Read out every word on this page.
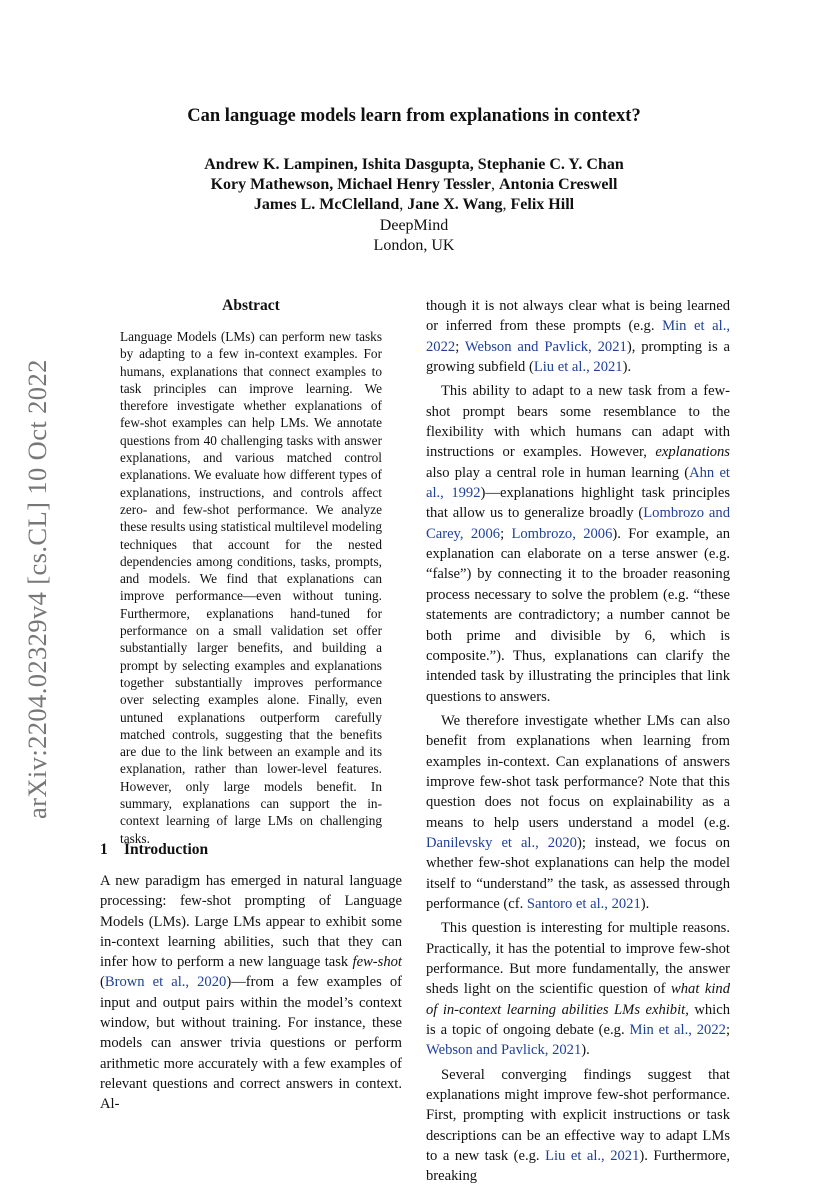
arXiv:2204.02329v4 [cs.CL] 10 Oct 2022
Can language models learn from explanations in context?
Andrew K. Lampinen, Ishita Dasgupta, Stephanie C. Y. Chan
Kory Mathewson, Michael Henry Tessler, Antonia Creswell
James L. McClelland, Jane X. Wang, Felix Hill
DeepMind
London, UK
Abstract
Language Models (LMs) can perform new tasks by adapting to a few in-context examples. For humans, explanations that connect examples to task principles can improve learning. We therefore investigate whether explanations of few-shot examples can help LMs. We annotate questions from 40 challenging tasks with answer explanations, and various matched control explanations. We evaluate how different types of explanations, instructions, and controls affect zero- and few-shot performance. We analyze these results using statistical multilevel modeling techniques that account for the nested dependencies among conditions, tasks, prompts, and models. We find that explanations can improve performance—even without tuning. Furthermore, explanations hand-tuned for performance on a small validation set offer substantially larger benefits, and building a prompt by selecting examples and explanations together substantially improves performance over selecting examples alone. Finally, even untuned explanations outperform carefully matched controls, suggesting that the benefits are due to the link between an example and its explanation, rather than lower-level features. However, only large models benefit. In summary, explanations can support the in-context learning of large LMs on challenging tasks.
1 Introduction

A new paradigm has emerged in natural language processing: few-shot prompting of Language Models (LMs). Large LMs appear to exhibit some in-context learning abilities, such that they can infer how to perform a new language task few-shot (Brown et al., 2020)—from a few examples of input and output pairs within the model’s context window, but without training. For instance, these models can answer trivia questions or perform arithmetic more accurately with a few examples of relevant questions and correct answers in context. Al-

though it is not always clear what is being learned or inferred from these prompts (e.g. Min et al., 2022; Webson and Pavlick, 2021), prompting is a growing subfield (Liu et al., 2021).

This ability to adapt to a new task from a few-shot prompt bears some resemblance to the flexibility with which humans can adapt with instructions or examples. However, explanations also play a central role in human learning (Ahn et al., 1992)—explanations highlight task principles that allow us to generalize broadly (Lombrozo and Carey, 2006; Lombrozo, 2006). For example, an explanation can elaborate on a terse answer (e.g. “false”) by connecting it to the broader reasoning process necessary to solve the problem (e.g. “these statements are contradictory; a number cannot be both prime and divisible by 6, which is composite.”). Thus, explanations can clarify the intended task by illustrating the principles that link questions to answers.

We therefore investigate whether LMs can also benefit from explanations when learning from examples in-context. Can explanations of answers improve few-shot task performance? Note that this question does not focus on explainability as a means to help users understand a model (e.g. Danilevsky et al., 2020); instead, we focus on whether few-shot explanations can help the model itself to “understand” the task, as assessed through performance (cf. Santoro et al., 2021).

This question is interesting for multiple reasons. Practically, it has the potential to improve few-shot performance. But more fundamentally, the answer sheds light on the scientific question of what kind of in-context learning abilities LMs exhibit, which is a topic of ongoing debate (e.g. Min et al., 2022; Webson and Pavlick, 2021).

Several converging findings suggest that explanations might improve few-shot performance. First, prompting with explicit instructions or task descriptions can be an effective way to adapt LMs to a new task (e.g. Liu et al., 2021). Furthermore, breaking
